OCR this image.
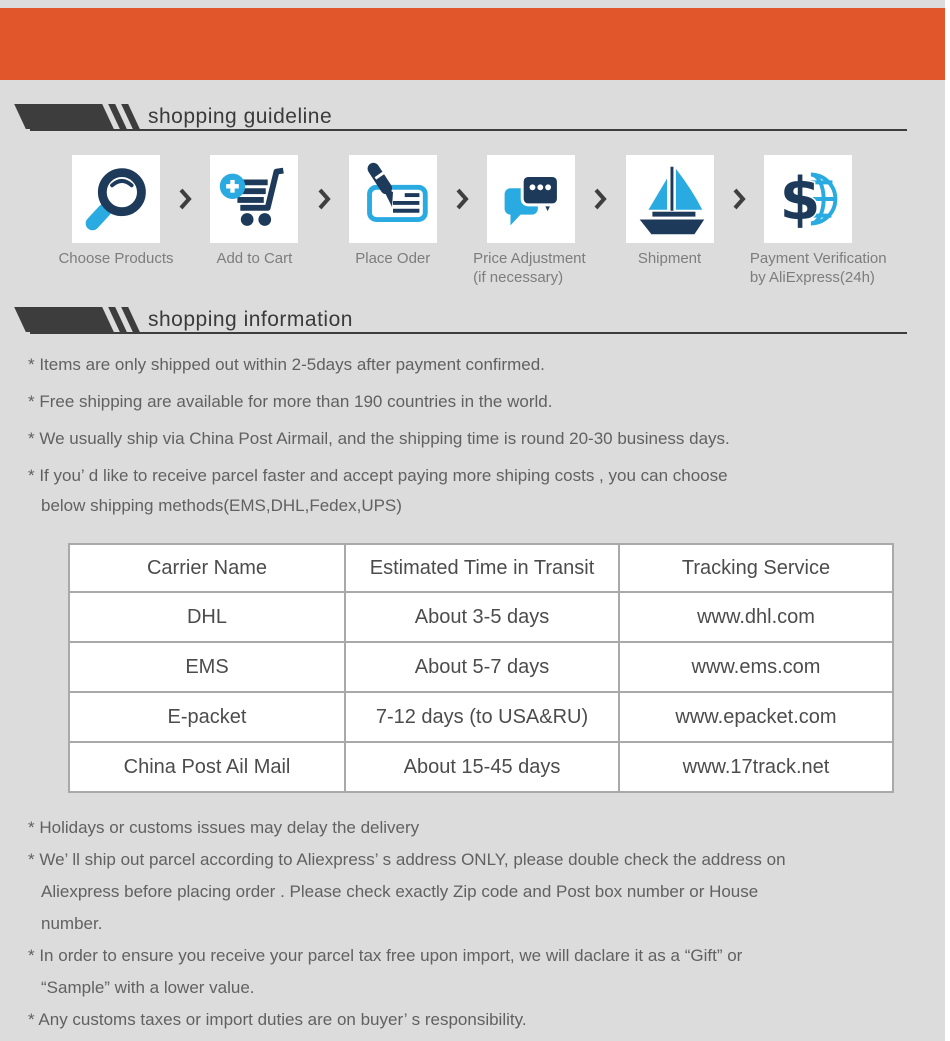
shopping guideline
Choose Products	Add to Cart	Place Oder	Price Adjustment
(if necessary)
Shipment
$
Payment Verification
by AliExpress(24h)
shopping information
* Items are only shipped out within 2-5days after payment confirmed.
* Free shipping are available for more than 190 countries in the world.
* We usually ship via China Post Airmail, and the shipping time is round 20-30 business days.
* If you’ d like to receive parcel faster and accept paying more shiping costs , you can choose
below shipping methods(EMS,DHL,Fedex,UPS)
Carrier Name	Estimated Time in Transit	Tracking Service
DHL	About 3-5 days	www.dhl.com
EMS	About 5-7 days	www.ems.com
E-packet	7-12 days (to USA&RU)	www.epacket.com
China Post Ail Mail	About 15-45 days	www.17track.net
* Holidays or customs issues may delay the delivery
* We’ ll ship out parcel according to Aliexpress’ s address ONLY, please double check the address on
Aliexpress before placing order . Please check exactly Zip code and Post box number or House
number.
* In order to ensure you receive your parcel tax free upon import, we will daclare it as a “Gift” or
“Sample” with a lower value.
* Any customs taxes or import duties are on buyer’ s responsibility.
